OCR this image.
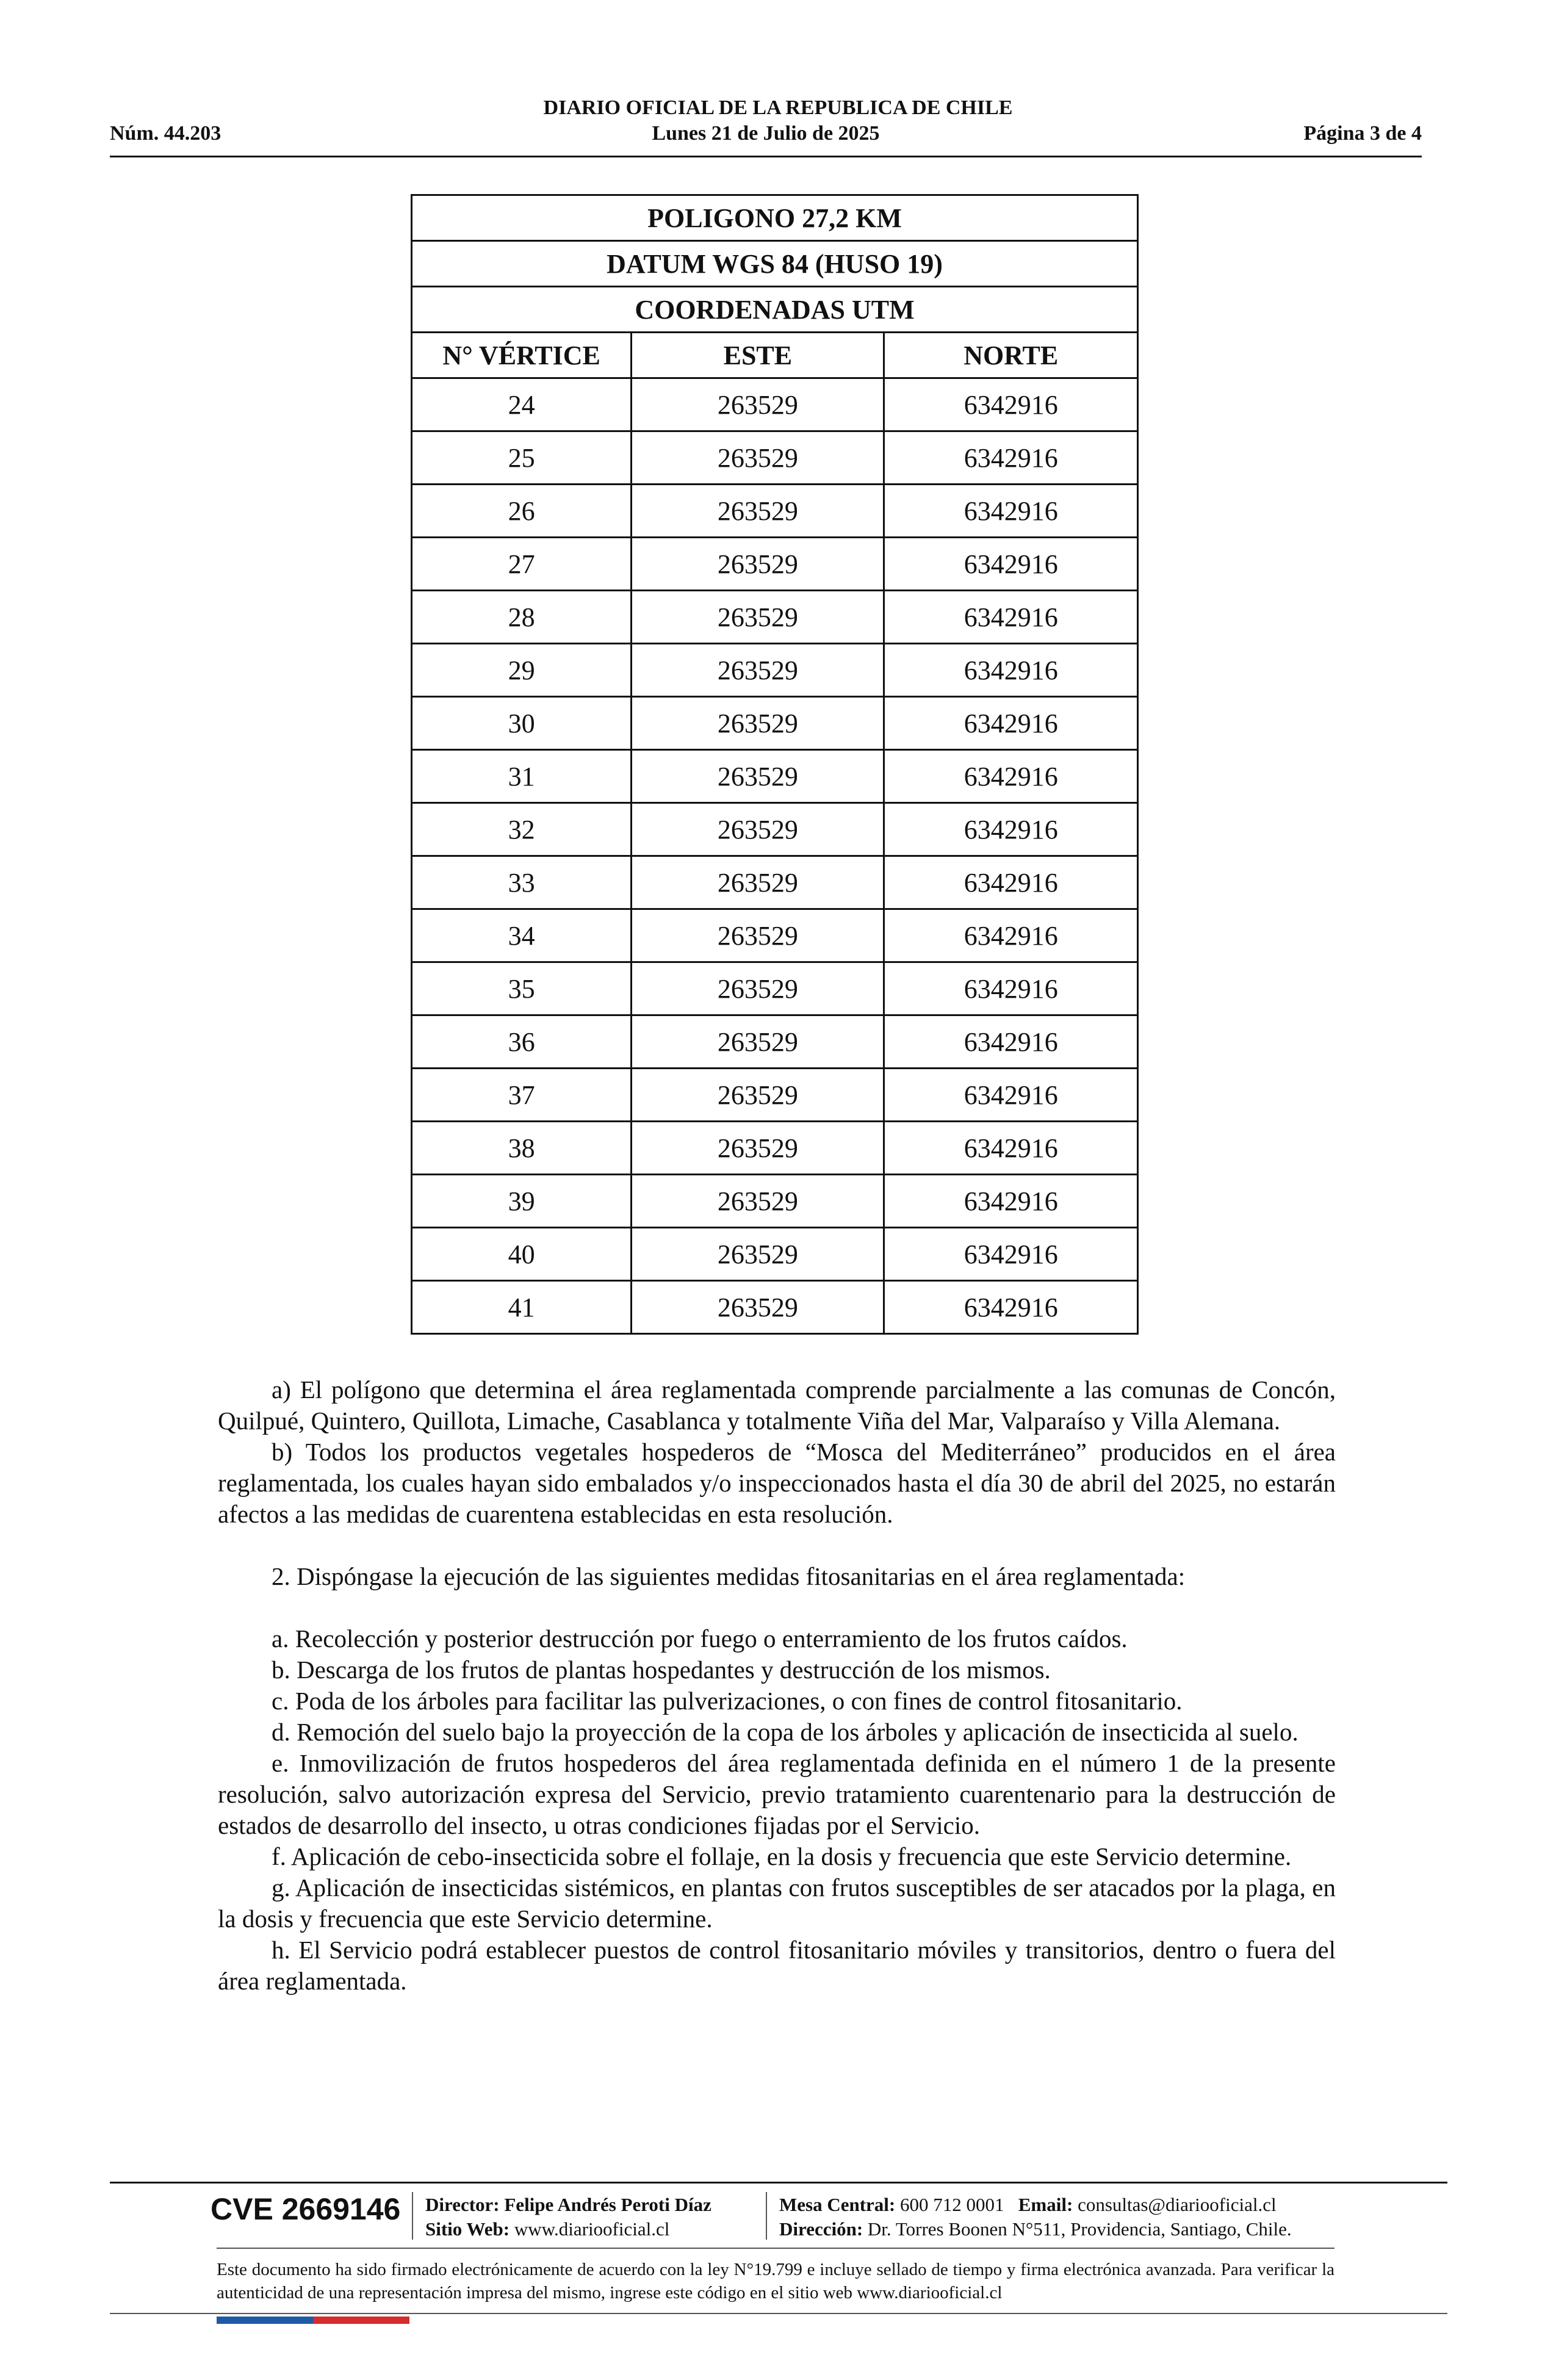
DIARIO OFICIAL DE LA REPUBLICA DE CHILE
Lunes 21 de Julio de 2025
Núm. 44.203	Página 3 de 4
POLIGONO 27,2 KM		
DATUM WGS 84 (HUSO 19)		
COORDENADAS UTM		
N° VÉRTICE	ESTE	NORTE
24	263529	6342916
25	263529	6342916
26	263529	6342916
27	263529	6342916
28	263529	6342916
29	263529	6342916
30	263529	6342916
31	263529	6342916
32	263529	6342916
33	263529	6342916
34	263529	6342916
35	263529	6342916
36	263529	6342916
37	263529	6342916
38	263529	6342916
39	263529	6342916
40	263529	6342916
41	263529	6342916

a) El polígono que determina el área reglamentada comprende parcialmente a las comunas de Concón, Quilpué, Quintero, Quillota, Limache, Casablanca y totalmente Viña del Mar, Valparaíso y Villa Alemana.

b) Todos los productos vegetales hospederos de “Mosca del Mediterráneo” producidos en el área reglamentada, los cuales hayan sido embalados y/o inspeccionados hasta el día 30 de abril del 2025, no estarán afectos a las medidas de cuarentena establecidas en esta resolución.

2. Dispóngase la ejecución de las siguientes medidas fitosanitarias en el área reglamentada:

a. Recolección y posterior destrucción por fuego o enterramiento de los frutos caídos.

b. Descarga de los frutos de plantas hospedantes y destrucción de los mismos.

c. Poda de los árboles para facilitar las pulverizaciones, o con fines de control fitosanitario.

d. Remoción del suelo bajo la proyección de la copa de los árboles y aplicación de insecticida al suelo.

e. Inmovilización de frutos hospederos del área reglamentada definida en el número 1 de la presente resolución, salvo autorización expresa del Servicio, previo tratamiento cuarentenario para la destrucción de estados de desarrollo del insecto, u otras condiciones fijadas por el Servicio.

f. Aplicación de cebo-insecticida sobre el follaje, en la dosis y frecuencia que este Servicio determine.

g. Aplicación de insecticidas sistémicos, en plantas con frutos susceptibles de ser atacados por la plaga, en la dosis y frecuencia que este Servicio determine.

h. El Servicio podrá establecer puestos de control fitosanitario móviles y transitorios, dentro o fuera del área reglamentada.

CVE 2669146 Director: Felipe Andrés Peroti Díaz
Sitio Web: www.diariooficial.cl
Mesa Central: 600 712 0001 Email: consultas@diariooficial.cl
Dirección: Dr. Torres Boonen N°511, Providencia, Santiago, Chile.
Este documento ha sido firmado electrónicamente de acuerdo con la ley N°19.799 e incluye sellado de tiempo y firma electrónica avanzada. Para verificar la autenticidad de una representación impresa del mismo, ingrese este código en el sitio web www.diariooficial.cl
